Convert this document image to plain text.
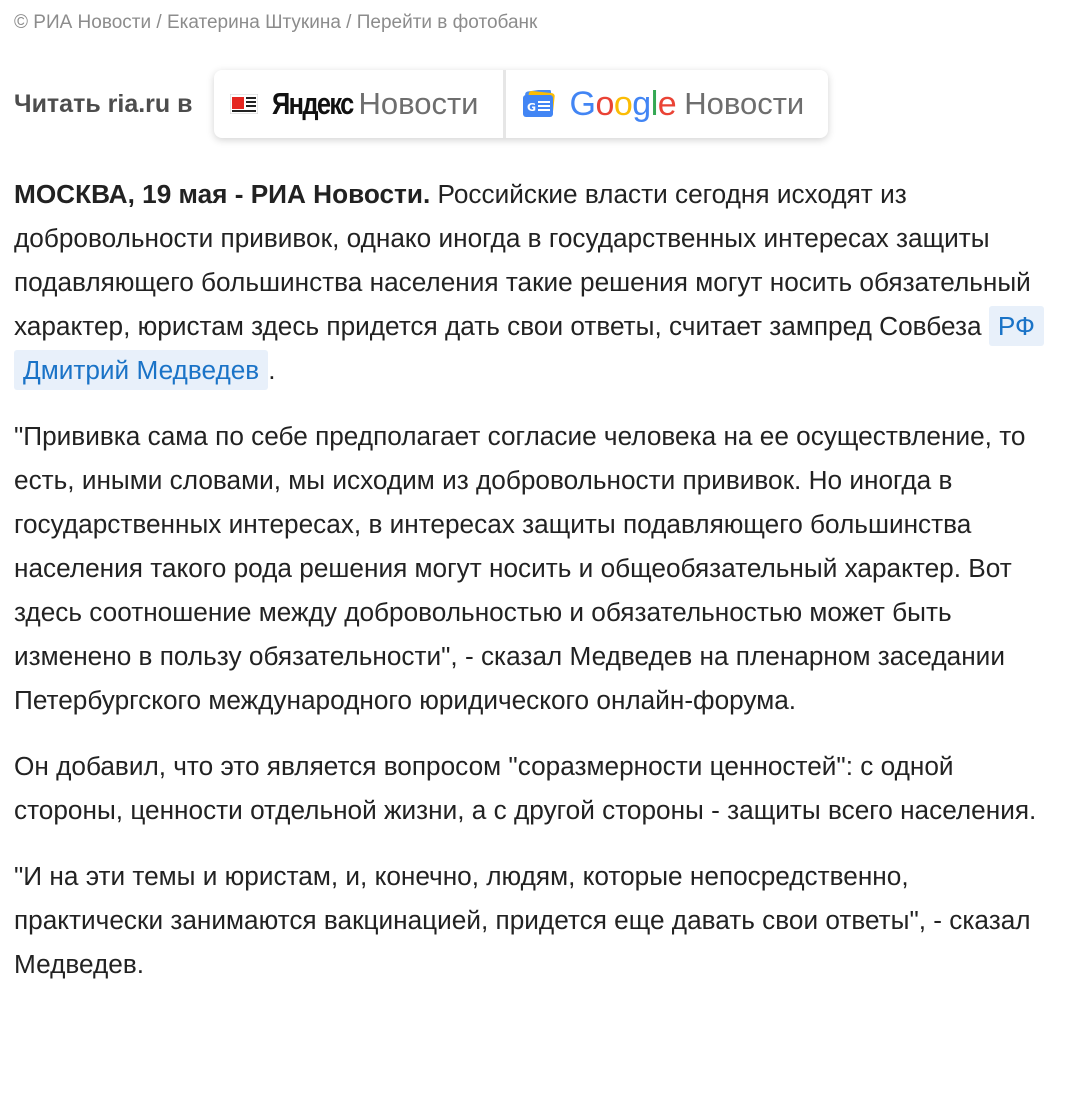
© РИА Новости / Екатерина Штукина / Перейти в фотобанк
Читать ria.ru в	Яндекс Новости	G Google Новости

МОСКВА, 19 мая - РИА Новости. Российские власти сегодня исходят из добровольности прививок, однако иногда в государственных интересах защиты подавляющего большинства населения такие решения могут носить обязательный характер, юристам здесь придется дать свои ответы, считает зампред Совбеза РФ Дмитрий Медведев .

"Прививка сама по себе предполагает согласие человека на ее осуществление, то есть, иными словами, мы исходим из добровольности прививок. Но иногда в государственных интересах, в интересах защиты подавляющего большинства населения такого рода решения могут носить и общеобязательный характер. Вот здесь соотношение между добровольностью и обязательностью может быть изменено в пользу обязательности", - сказал Медведев на пленарном заседании Петербургского международного юридического онлайн-форума.

Он добавил, что это является вопросом "соразмерности ценностей": с одной стороны, ценности отдельной жизни, а с другой стороны - защиты всего населения.

"И на эти темы и юристам, и, конечно, людям, которые непосредственно, практически занимаются вакцинацией, придется еще давать свои ответы", - сказал Медведев.
